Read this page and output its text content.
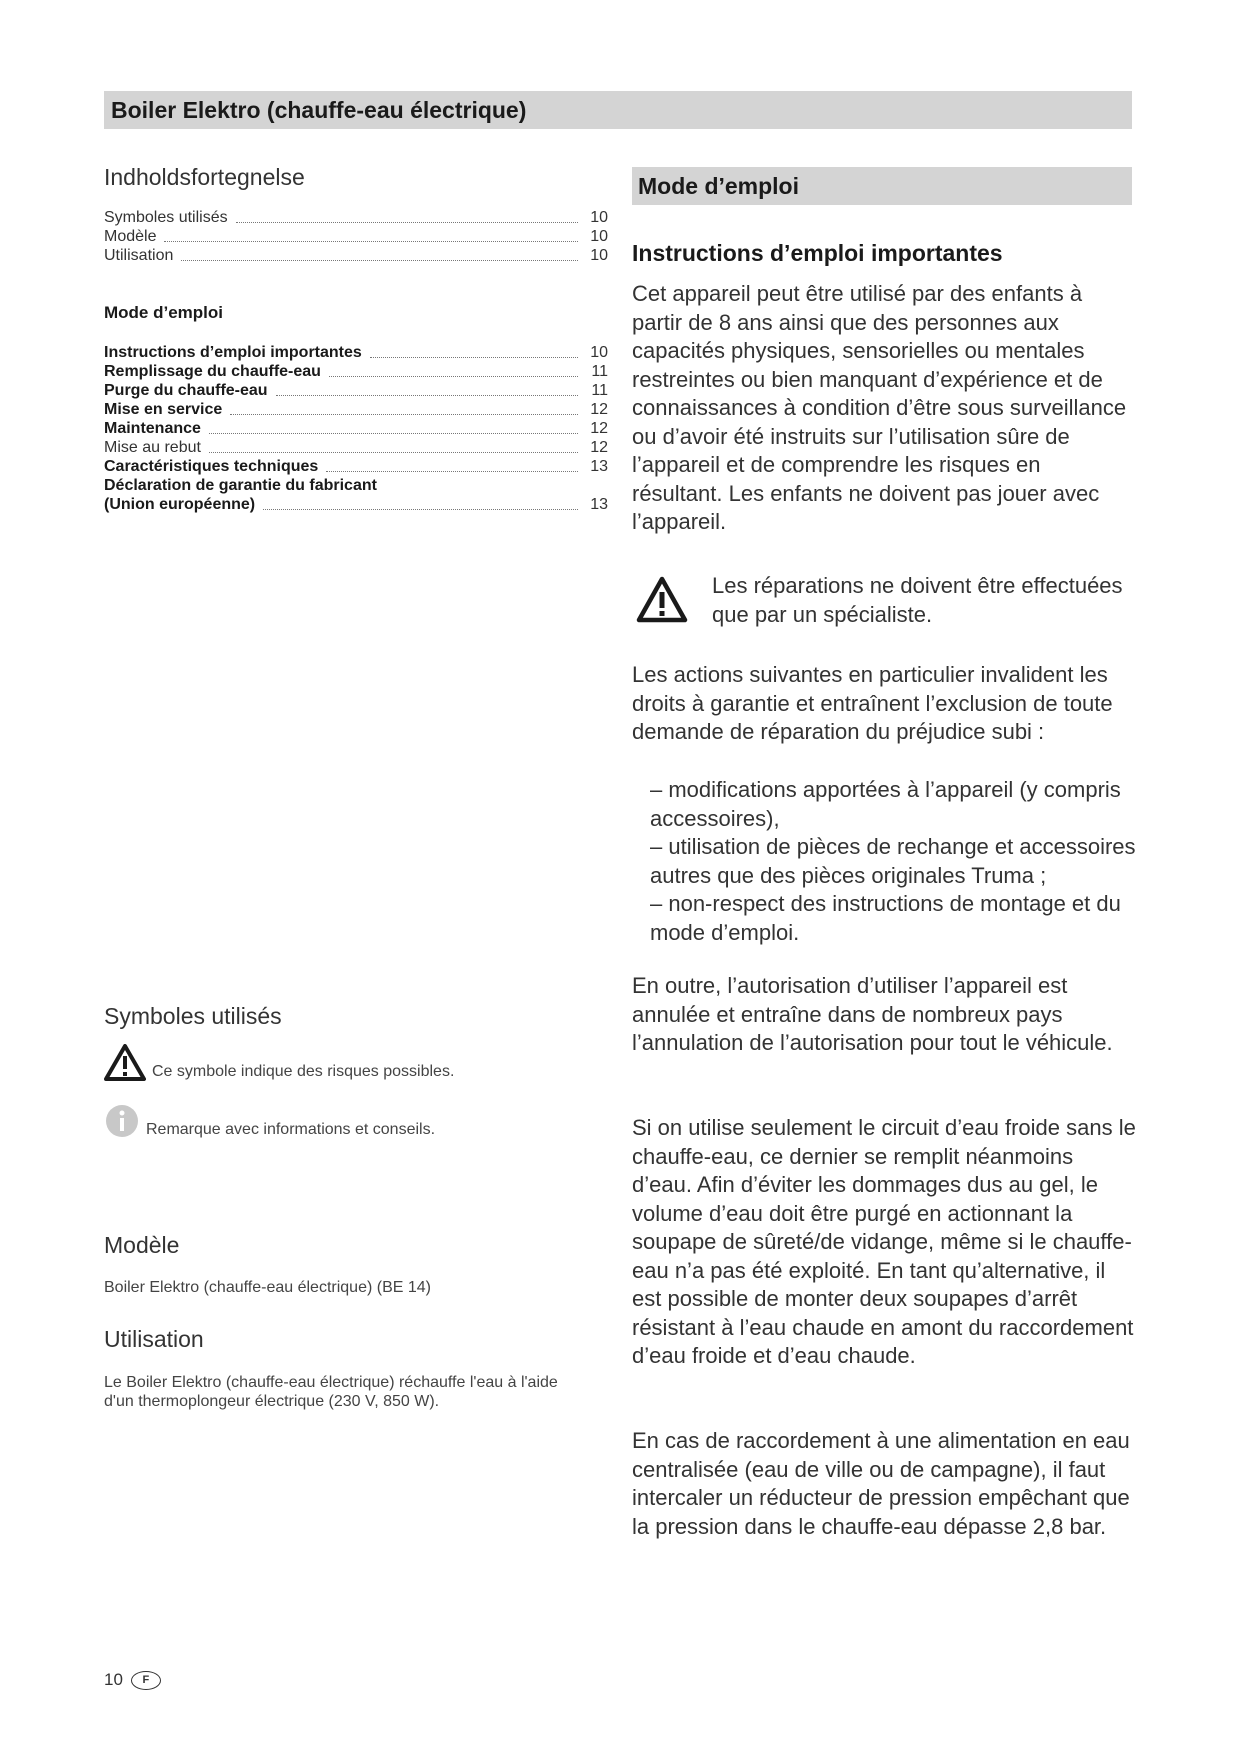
Boiler Elektro (chauffe-eau électrique)
Indholdsfortegnelse
Symboles utilisés	10
Modèle	10
Utilisation	10
Mode d’emploi
Instructions d’emploi importantes	10
Remplissage du chauffe-eau	11
Purge du chauffe-eau	11
Mise en service	12
Maintenance	12
Mise au rebut	12
Caractéristiques techniques	13
Déclaration de garantie du fabricant
(Union européenne)	13
Symboles utilisés
Ce symbole indique des risques possibles.
Remarque avec informations et conseils.
Modèle
Boiler Elektro (chauffe-eau électrique) (BE 14)
Utilisation
Le Boiler Elektro (chauffe-eau électrique) réchauffe l'eau à l'aide d'un thermoplongeur électrique (230 V, 850 W).
Mode d’emploi
Instructions d’emploi importantes

Cet appareil peut être utilisé par des enfants à partir de 8 ans ainsi que des personnes aux capacités physiques, sensorielles ou mentales restreintes ou bien manquant d’expérience et de connaissances à condition d’être sous surveillance ou d’avoir été instruits sur l’utilisation sûre de l’appareil et de comprendre les risques en résultant. Les enfants ne doivent pas jouer avec l’appareil.

Les réparations ne doivent être effectuées que par un spécialiste.

Les actions suivantes en particulier invalident les droits à garantie et entraînent l’exclusion de toute demande de réparation du préjudice subi :

– modifications apportées à l’appareil (y compris accessoires),

– utilisation de pièces de rechange et accessoires autres que des pièces originales Truma ;

– non-respect des instructions de montage et du mode d’emploi.

En outre, l’autorisation d’utiliser l’appareil est annulée et entraîne dans de nombreux pays l’annulation de l’autorisation pour tout le véhicule.

Si on utilise seulement le circuit d’eau froide sans le chauffe-eau, ce dernier se remplit néanmoins d’eau. Afin d’éviter les dommages dus au gel, le volume d’eau doit être purgé en actionnant la soupape de sûreté/de vidange, même si le chauffe-eau n’a pas été exploité. En tant qu’alternative, il est possible de monter deux soupapes d’arrêt résistant à l’eau chaude en amont du raccordement d’eau froide et d’eau chaude.

En cas de raccordement à une alimentation en eau centralisée (eau de ville ou de campagne), il faut intercaler un réducteur de pression empêchant que la pression dans le chauffe-eau dépasse 2,8 bar.

10	F
